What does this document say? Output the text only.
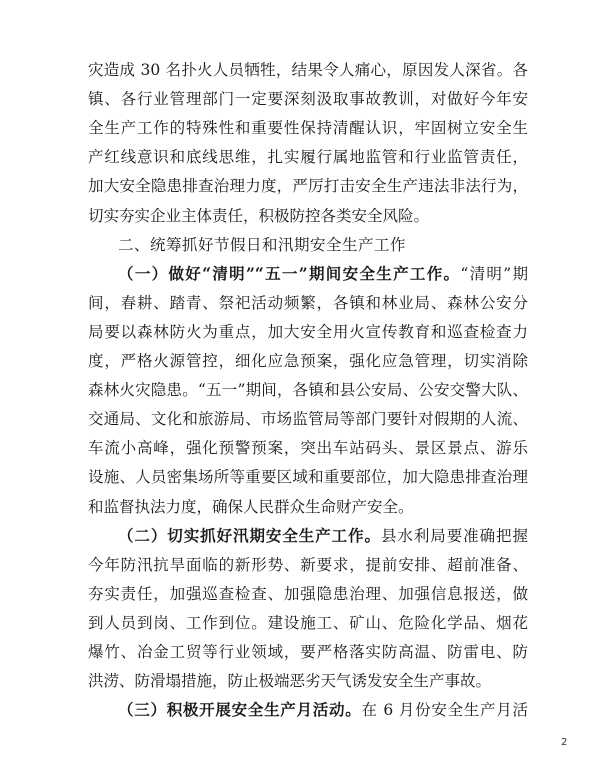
灾造成 30 名扑火人员牺牲，结果令人痛心，原因发人深省。各
镇、各行业管理部门一定要深刻汲取事故教训，对做好今年安
全生产工作的特殊性和重要性保持清醒认识，牢固树立安全生
产红线意识和底线思维，扎实履行属地监管和行业监管责任，
加大安全隐患排查治理力度，严厉打击安全生产违法非法行为，
切实夯实企业主体责任，积极防控各类安全风险。
二、统筹抓好节假日和汛期安全生产工作
（一）做好“清明”“五一”期间安全生产工作。“清明”期
间，春耕、踏青、祭祀活动频繁，各镇和林业局、森林公安分
局要以森林防火为重点，加大安全用火宣传教育和巡查检查力
度，严格火源管控，细化应急预案，强化应急管理，切实消除
森林火灾隐患。“五一”期间，各镇和县公安局、公安交警大队、
交通局、文化和旅游局、市场监管局等部门要针对假期的人流、
车流小高峰，强化预警预案，突出车站码头、景区景点、游乐
设施、人员密集场所等重要区域和重要部位，加大隐患排查治理
和监督执法力度，确保人民群众生命财产安全。
（二）切实抓好汛期安全生产工作。县水利局要准确把握
今年防汛抗旱面临的新形势、新要求，提前安排、超前准备、
夯实责任，加强巡查检查、加强隐患治理、加强信息报送，做
到人员到岗、工作到位。建设施工、矿山、危险化学品、烟花
爆竹、冶金工贸等行业领域，要严格落实防高温、防雷电、防
洪涝、防滑塌措施，防止极端恶劣天气诱发安全生产事故。
（三）积极开展安全生产月活动。在 6 月份安全生产月活
2
